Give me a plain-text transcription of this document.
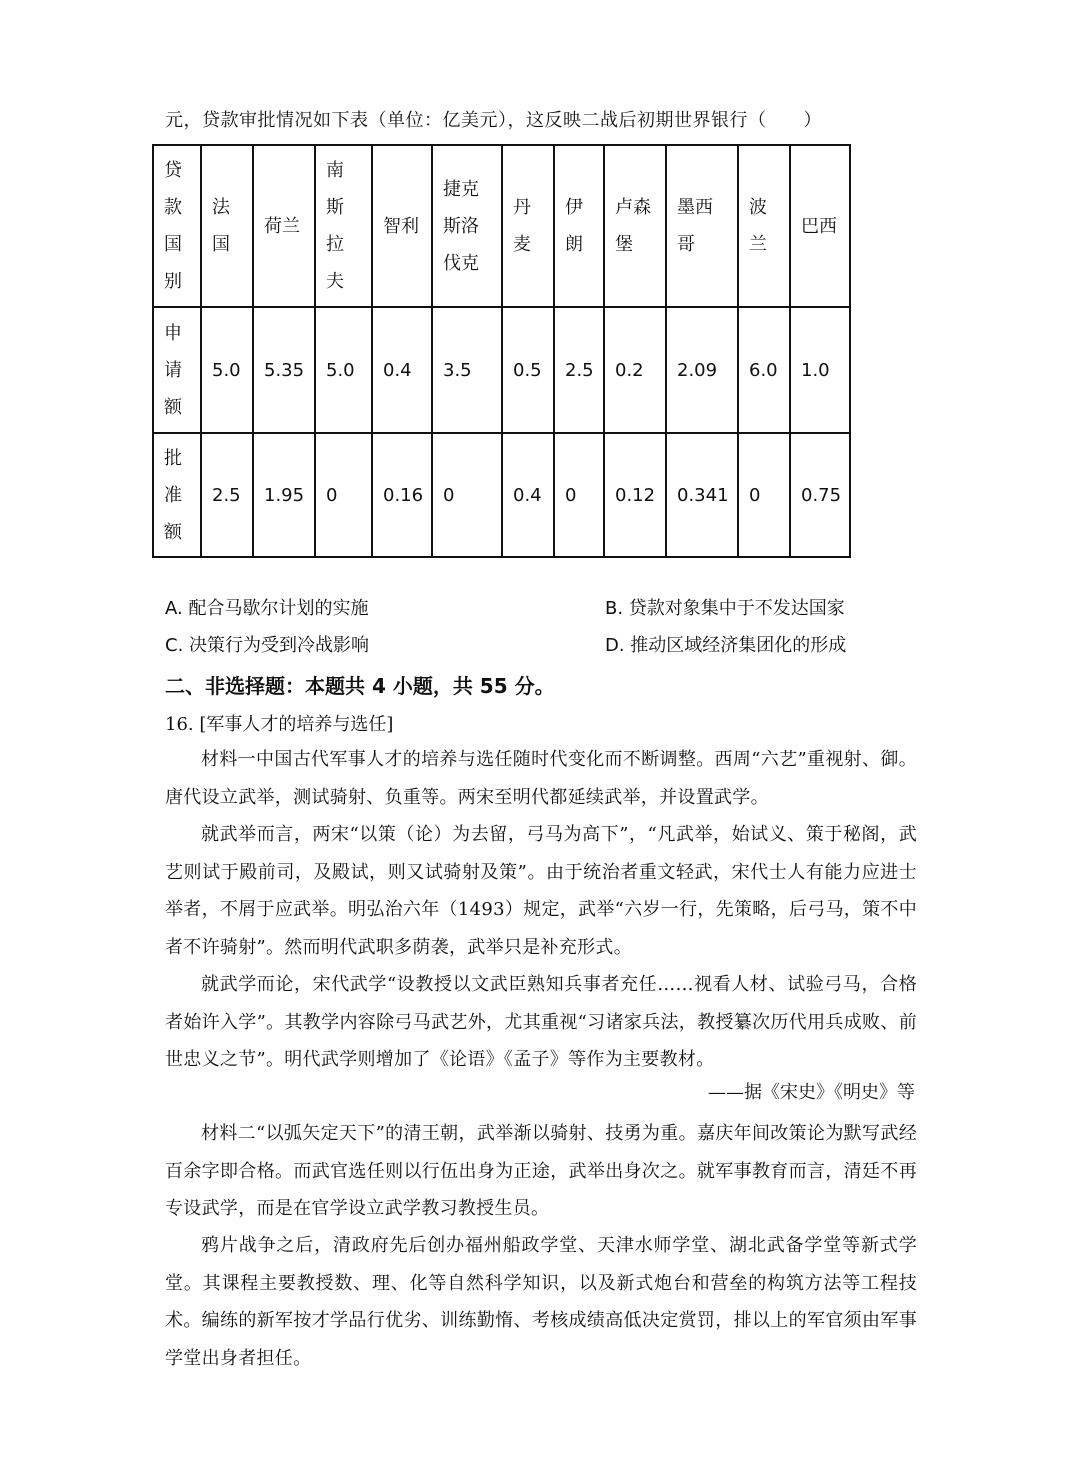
元，贷款审批情况如下表（单位：亿美元），这反映二战后初期世界银行（　　）
贷款国别	法国	荷兰	南斯拉夫	智利	捷克斯洛伐克	丹麦	伊朗	卢森堡	墨西哥	波兰	巴西

申请额	5.0	5.35	5.0	0.4	3.5	0.5	2.5	0.2	2.09	6.0	1.0

批准额	2.5	1.95	0	0.16	0	0.4	0	0.12	0.341	0	0.75
A. 配合马歇尔计划的实施	B. 贷款对象集中于不发达国家
C. 决策行为受到冷战影响	D. 推动区域经济集团化的形成
二、非选择题：本题共 4 小题，共 55 分。
16. [军事人才的培养与选任]
材料一中国古代军事人才的培养与选任随时代变化而不断调整。西周“六艺”重视射、御。唐代设立武举，测试骑射、负重等。两宋至明代都延续武举，并设置武学。
就武举而言，两宋“以策（论）为去留，弓马为高下”，“凡武举，始试义、策于秘阁，武艺则试于殿前司，及殿试，则又试骑射及策”。由于统治者重文轻武，宋代士人有能力应进士举者，不屑于应武举。明弘治六年（1493）规定，武举“六岁一行，先策略，后弓马，策不中者不许骑射”。然而明代武职多荫袭，武举只是补充形式。
就武学而论，宋代武学“设教授以文武臣熟知兵事者充任……视看人材、试验弓马，合格者始许入学”。其教学内容除弓马武艺外，尤其重视“习诸家兵法，教授纂次历代用兵成败、前世忠义之节”。明代武学则增加了《论语》《孟子》等作为主要教材。
——据《宋史》《明史》等
材料二“以弧矢定天下”的清王朝，武举渐以骑射、技勇为重。嘉庆年间改策论为默写武经百余字即合格。而武官选任则以行伍出身为正途，武举出身次之。就军事教育而言，清廷不再专设武学，而是在官学设立武学教习教授生员。
鸦片战争之后，清政府先后创办福州船政学堂、天津水师学堂、湖北武备学堂等新式学堂。其课程主要教授数、理、化等自然科学知识，以及新式炮台和营垒的构筑方法等工程技术。编练的新军按才学品行优劣、训练勤惰、考核成绩高低决定赏罚，排以上的军官须由军事学堂出身者担任。
